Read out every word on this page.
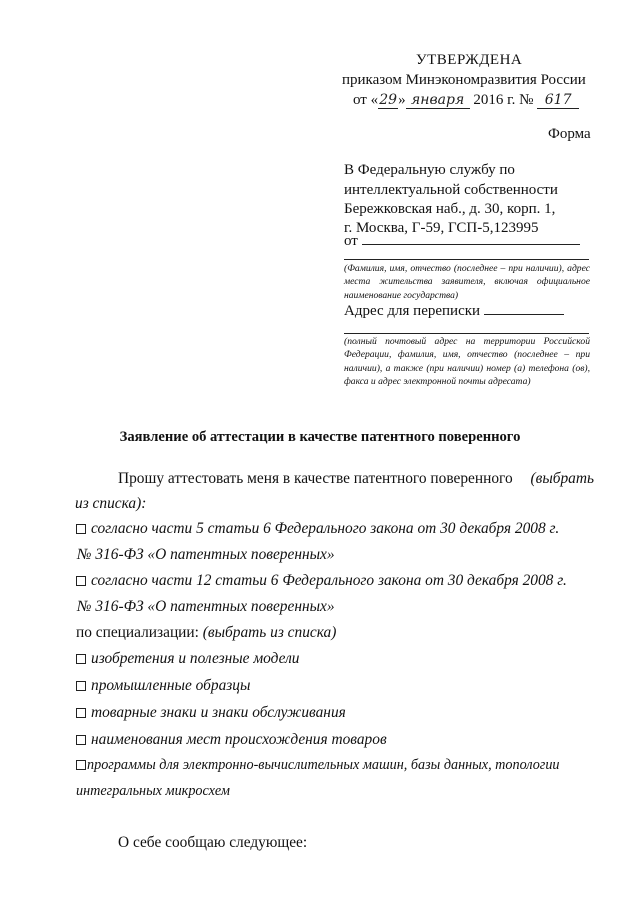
УТВЕРЖДЕНА
приказом Минэкономразвития России
от «29» января 2016 г. № 617
Форма
В Федеральную службу по
интеллектуальной собственности
Бережковская наб., д. 30, корп. 1,
г. Москва, Г-59, ГСП-5,123995
от
(Фамилия, имя, отчество (последнее – при наличии), адрес места жительства заявителя, включая официальное наименование государства)
Адрес для переписки
(полный почтовый адрес на территории Российской Федерации, фамилия, имя, отчество (последнее – при наличии), а также (при наличии) номер (а) телефона (ов), факса и адрес электронной почты адресата)
Заявление об аттестации в качестве патентного поверенного
Прошу аттестовать меня в качестве патентного поверенного (выбрать
из списка):
согласно части 5 статьи 6 Федерального закона от 30 декабря 2008 г.
№ 316-ФЗ «О патентных поверенных»
согласно части 12 статьи 6 Федерального закона от 30 декабря 2008 г.
№ 316-ФЗ «О патентных поверенных»
по специализации: (выбрать из списка)
изобретения и полезные модели
промышленные образцы
товарные знаки и знаки обслуживания
наименования мест происхождения товаров
программы для электронно-вычислительных машин, базы данных, топологии
интегральных микросхем
О себе сообщаю следующее:
